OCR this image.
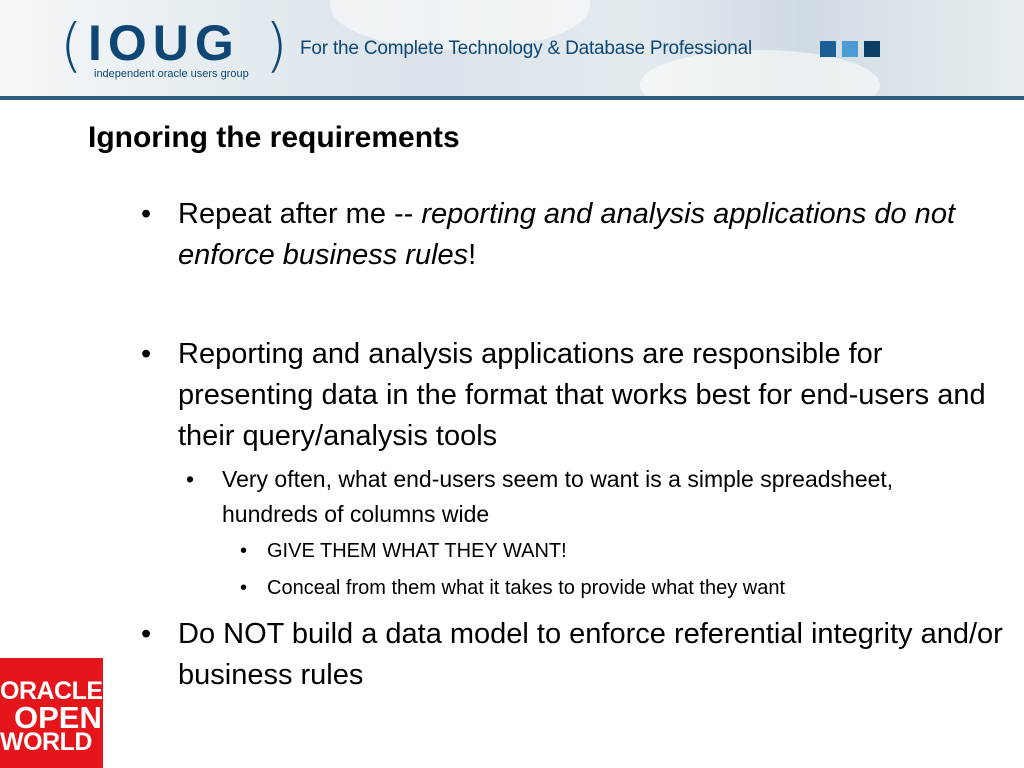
( IOUG )
independent oracle users group
For the Complete Technology & Database Professional
Ignoring the requirements
• Repeat after me -- reporting and analysis applications do not enforce business rules!
• Reporting and analysis applications are responsible for presenting data in the format that works best for end-users and their query/analysis tools
• Very often, what end-users seem to want is a simple spreadsheet, hundreds of columns wide
• GIVE THEM WHAT THEY WANT!
• Conceal from them what it takes to provide what they want
• Do NOT build a data model to enforce referential integrity and/or business rules
ORACLE
OPEN
WORLD
